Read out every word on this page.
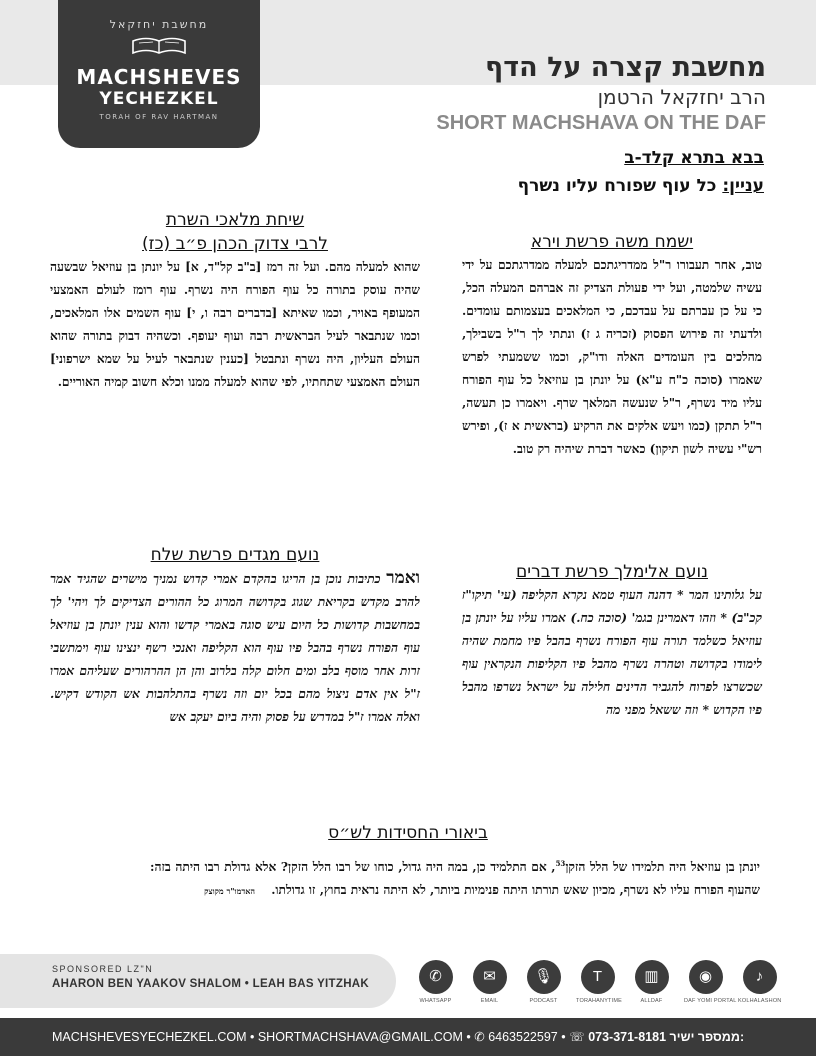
מחשבת יחזקאל
MACHSHEVES
YECHEZKEL
TORAH OF RAV HARTMAN
מחשבת קצרה על הדף
הרב יחזקאל הרטמן
SHORT MACHSHAVA ON THE DAF
בבא בתרא קלד-ב
עניין: כל עוף שפורח עליו נשרף
ישמח משה פרשת וירא
טוב, אחר תעבורו ר"ל ממדריגתכם למעלה ממדרגתכם על ידי עשיה שלמטה, ועל ידי פעולת הצדיק זה אברהם המעלה הכל, כי על כן עברתם על עבדכם, כי המלאכים בעצמותם עומדים. ולדעתי זה פירוש הפסוק (זכריה ג ז) ונתתי לך ר"ל בשבילך, מהלכים בין העומדים האלה ודו"ק, וכמו ששמעתי לפרש שאמרו (סוכה כ"ח ע"א) על יונתן בן עוזיאל כל עוף הפורח עליו מיד נשרף, ר"ל שנעשה המלאך שרף. ויאמרו כן תעשה, ר"ל תתקן (כמו ויעש אלקים את הרקיע (בראשית א ז), ופירש רש"י עשיה לשון תיקון) כאשר דברת שיהיה רק טוב.
שיחת מלאכי השרת
לרבי צדוק הכהן פ״ב (כז)
שהוא למעלה מהם. ועל זה רמז [ב"ב קל"ד, א] על יונתן בן עוזיאל שבשעה שהיה עוסק בתורה כל עוף הפורח היה נשרף. עוף רומז לעולם האמצעי המעופף באויר, וכמו שאיתא [בדברים רבה ו, י] עוף השמים אלו המלאכים, וכמו שנתבאר לעיל הבראשית רבה ועוף יעופף. וכשהיה דבוק בתורה שהוא העולם העליון, היה נשרף ונתבטל [כענין שנתבאר לעיל על שמא ישרפוני] העולם האמצעי שתחתיו, לפי שהוא למעלה ממנו וכלא חשוב קמיה האוריים.
נועם אלימלך פרשת דברים
על גלותינו המר * דהנה העוף טמא נקרא הקליפה (עי' תיקו"ז קכ"ב) * וזהו דאמרינן בגמ' (סוכה כח.) אמרו עליו על יונתן בן עוזיאל כשלמד תורה עוף הפורח נשרף בהבל פיו מחמת שהיה לימודו בקדושה וטהרה נשרף מהבל פיו הקליפות הנקראין עוף שכשרצו לפרוח להגביר הדינים חלילה על ישראל נשרפו מהבל פיו הקדוש * וזה ששאל מפני מה
נועם מגדים פרשת שלח
ואמר כתיבות נוכן בן הריגו בהקדם אמרי קדוש נמניך מישרים שהגיד אמר להרב מקדש בקריאת שגוג בקדושה המרוג כל ההורים הצדיקים לך ויהי' לך במחשבות קדושות כל היום עיש סוגה באמרי קדשו והוא ענין יונתן בן עוזיאל עוף הפורח נשרף בהבל פיו עוף הוא הקליפה ואנכי רשף ינצינו עוף וימתשבי זרות אחר מוסף בלב ומים חלום קלה בלרוב והן הן ההרהורים שעליהם אמרו ז"ל אין אדם ניצול מהם בכל יום וזה נשרף בהתלהבות אש הקודש דקיש. ואלה אמרו ז"ל במדרש על פסוק והיה ביום יעקב אש
ביאורי החסידות לש״ס
יונתן בן עוזיאל היה תלמידו של הלל הזקן$^{53}$, אם התלמיד כן, במה היה גדול, כוחו של רבו הלל הזקן? אלא גדולת רבו היתה בזה: שהעוף הפורח עליו לא נשרף, מכיון שאש תורתו היתה פנימיות ביותר, לא היתה נראית בחוץ, זו גדולתו. האדמו"ר מקוצק
SPONSORED LZ"N
AHARON BEN YAAKOV SHALOM • LEAH BAS YITZHAK	✆
WHATSAPP
✉
EMAIL
🎙
PODCAST
T
TORAHANYTIME
▥
ALLDAF
◉
DAF YOMI PORTAL
♪
KOLHALASHON
MACHSHEVESYECHEZKEL.COM • SHORTMACHSHAVA@GMAIL.COM • ✆ 6463522597 • ☏ 073-371-8181 ממספר ישיר:
